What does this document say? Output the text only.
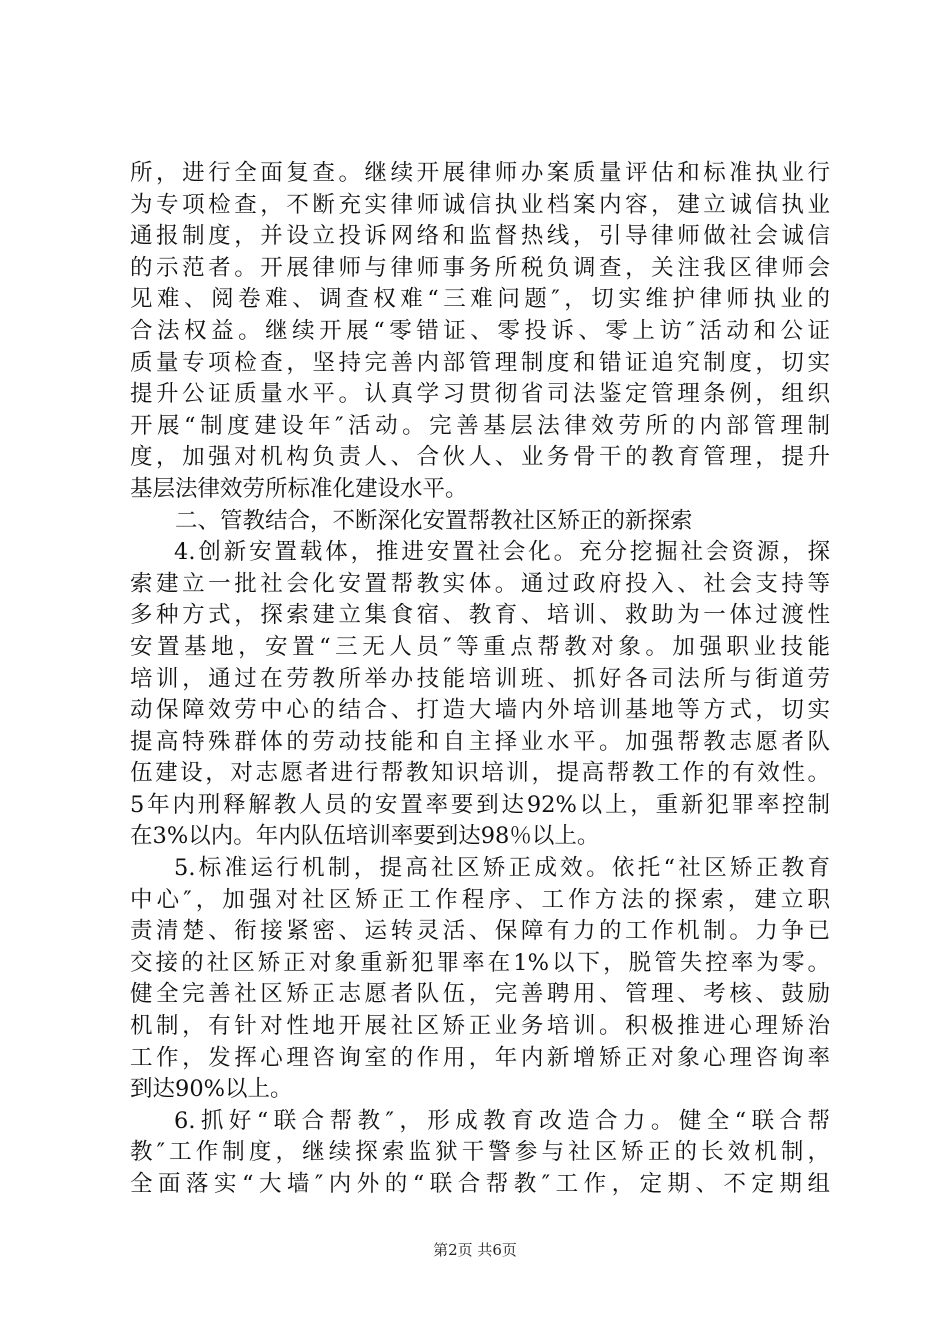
所，进行全面复查。继续开展律师办案质量评估和标准执业行
为专项检查，不断充实律师诚信执业档案内容，建立诚信执业
通报制度，并设立投诉网络和监督热线，引导律师做社会诚信
的示范者。开展律师与律师事务所税负调查，关注我区律师会
见难、阅卷难、调查权难“三难问题″，切实维护律师执业的
合法权益。继续开展“零错证、零投诉、零上访″活动和公证
质量专项检查，坚持完善内部管理制度和错证追究制度，切实
提升公证质量水平。认真学习贯彻省司法鉴定管理条例，组织
开展“制度建设年″活动。完善基层法律效劳所的内部管理制
度，加强对机构负责人、合伙人、业务骨干的教育管理，提升
基层法律效劳所标准化建设水平。
二、管教结合，不断深化安置帮教社区矫正的新探索
4.创新安置载体，推进安置社会化。充分挖掘社会资源，探
索建立一批社会化安置帮教实体。通过政府投入、社会支持等
多种方式，探索建立集食宿、教育、培训、救助为一体过渡性
安置基地，安置“三无人员″等重点帮教对象。加强职业技能
培训，通过在劳教所举办技能培训班、抓好各司法所与街道劳
动保障效劳中心的结合、打造大墙内外培训基地等方式，切实
提高特殊群体的劳动技能和自主择业水平。加强帮教志愿者队
伍建设，对志愿者进行帮教知识培训，提高帮教工作的有效性。
5年内刑释解教人员的安置率要到达92%以上，重新犯罪率控制
在3%以内。年内队伍培训率要到达98％以上。
5.标准运行机制，提高社区矫正成效。依托“社区矫正教育
中心″，加强对社区矫正工作程序、工作方法的探索，建立职
责清楚、衔接紧密、运转灵活、保障有力的工作机制。力争已
交接的社区矫正对象重新犯罪率在1%以下，脱管失控率为零。
健全完善社区矫正志愿者队伍，完善聘用、管理、考核、鼓励
机制，有针对性地开展社区矫正业务培训。积极推进心理矫治
工作，发挥心理咨询室的作用，年内新增矫正对象心理咨询率
到达90%以上。
6.抓好“联合帮教″，形成教育改造合力。健全“联合帮
教″工作制度，继续探索监狱干警参与社区矫正的长效机制，
全面落实“大墙″内外的“联合帮教″工作，定期、不定期组
第2页 共6页
